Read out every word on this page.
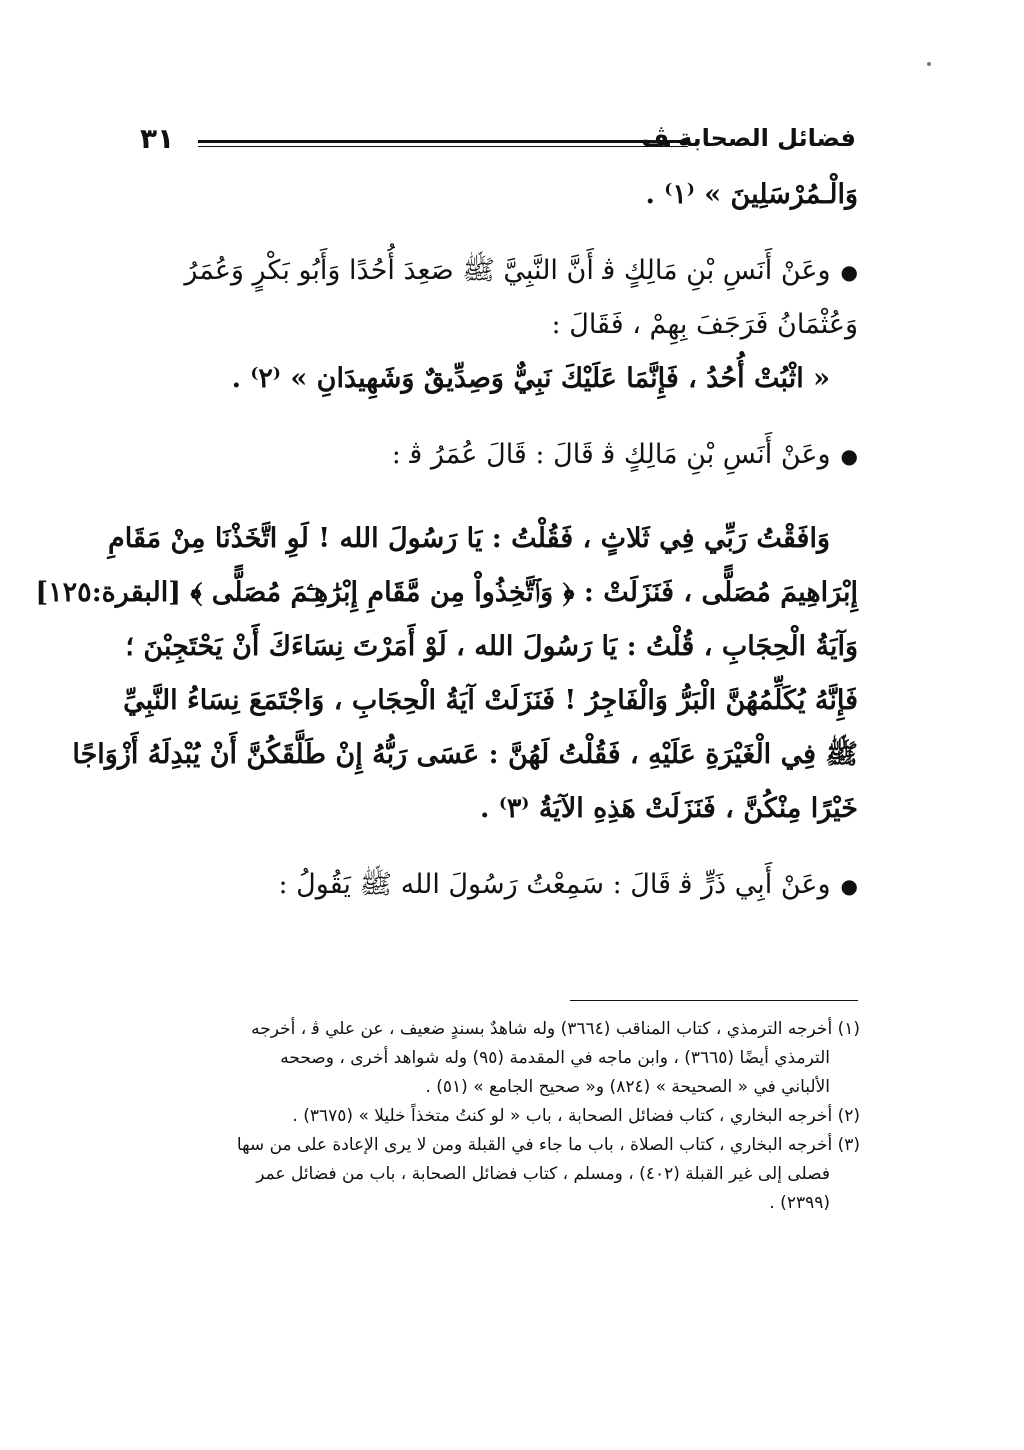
٣١	فضائل الصحابة ﭫ
وَالْـمُرْسَلِينَ » ⁽١⁾ .
● وعَنْ أَنَسِ بْنِ مَالِكٍ ﭬ أَنَّ النَّبِيَّ ﷺ صَعِدَ أُحُدًا وَأَبُو بَكْرٍ وَعُمَرُ
وَعُثْمَانُ فَرَجَفَ بِهِمْ ، فَقَالَ :
« اثْبُتْ أُحُدُ ، فَإِنَّمَا عَلَيْكَ نَبِيٌّ وَصِدِّيقٌ وَشَهِيدَانِ » ⁽٢⁾ .
● وعَنْ أَنَسِ بْنِ مَالِكٍ ﭬ قَالَ : قَالَ عُمَرُ ﭬ :
وَافَقْتُ رَبِّي فِي ثَلاثٍ ، فَقُلْتُ : يَا رَسُولَ الله ! لَوِ اتَّخَذْنَا مِنْ مَقَامِ
إِبْرَاهِيمَ مُصَلًّى ، فَنَزَلَتْ : ﴿ وَٱتَّخِذُواْ مِن مَّقَامِ إِبْرَٰهِـۧمَ مُصَلًّى ﴾ [البقرة:١٢٥]
وَآيَةُ الْحِجَابِ ، قُلْتُ : يَا رَسُولَ الله ، لَوْ أَمَرْتَ نِسَاءَكَ أَنْ يَحْتَجِبْنَ ؛
فَإِنَّهُ يُكَلِّمُهُنَّ الْبَرُّ وَالْفَاجِرُ ! فَنَزَلَتْ آيَةُ الْحِجَابِ ، وَاجْتَمَعَ نِسَاءُ النَّبِيِّ
ﷺ فِي الْغَيْرَةِ عَلَيْهِ ، فَقُلْتُ لَهُنَّ : عَسَى رَبُّهُ إِنْ طَلَّقَكُنَّ أَنْ يُبْدِلَهُ أَزْوَاجًا
خَيْرًا مِنْكُنَّ ، فَنَزَلَتْ هَذِهِ الآيَةُ ⁽٣⁾ .
● وعَنْ أَبِي ذَرٍّ ﭬ قَالَ : سَمِعْتُ رَسُولَ الله ﷺ يَقُولُ :
(١) أخرجه الترمذي ، كتاب المناقب (٣٦٦٤) وله شاهدٌ بسندٍ ضعيف ، عن علي ﭬ ، أخرجه
الترمذي أيضًا (٣٦٦٥) ، وابن ماجه في المقدمة (٩٥) وله شواهد أخرى ، وصححه
الألباني في « الصحيحة » (٨٢٤) و« صحيح الجامع » (٥١) .
(٢) أخرجه البخاري ، كتاب فضائل الصحابة ، باب « لو كنتُ متخذاً خليلا » (٣٦٧٥) .
(٣) أخرجه البخاري ، كتاب الصلاة ، باب ما جاء في القبلة ومن لا يرى الإعادة على من سها
فصلى إلى غير القبلة (٤٠٢) ، ومسلم ، كتاب فضائل الصحابة ، باب من فضائل عمر
(٢٣٩٩) .
